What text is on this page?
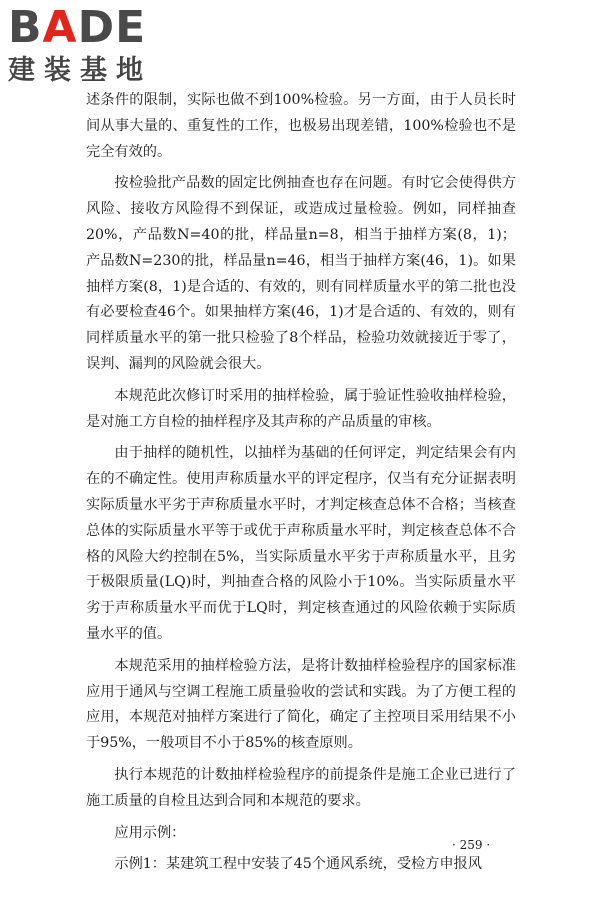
BADE
建装基地

述条件的限制，实际也做不到100%检验。另一方面，由于人员长时间从事大量的、重复性的工作，也极易出现差错，100%检验也不是完全有效的。

按检验批产品数的固定比例抽查也存在问题。有时它会使得供方风险、接收方风险得不到保证，或造成过量检验。例如，同样抽查20%，产品数N=40的批，样品量n=8，相当于抽样方案(8，1)；产品数N=230的批，样品量n=46，相当于抽样方案(46，1)。如果抽样方案(8，1)是合适的、有效的，则有同样质量水平的第二批也没有必要检查46个。如果抽样方案(46，1)才是合适的、有效的，则有同样质量水平的第一批只检验了8个样品，检验功效就接近于零了，误判、漏判的风险就会很大。

本规范此次修订时采用的抽样检验，属于验证性验收抽样检验，是对施工方自检的抽样程序及其声称的产品质量的审核。

由于抽样的随机性，以抽样为基础的任何评定，判定结果会有内在的不确定性。使用声称质量水平的评定程序，仅当有充分证据表明实际质量水平劣于声称质量水平时，才判定核查总体不合格；当核查总体的实际质量水平等于或优于声称质量水平时，判定核查总体不合格的风险大约控制在5%，当实际质量水平劣于声称质量水平，且劣于极限质量(LQ)时，判抽查合格的风险小于10%。当实际质量水平劣于声称质量水平而优于LQ时，判定核查通过的风险依赖于实际质量水平的值。

本规范采用的抽样检验方法，是将计数抽样检验程序的国家标准应用于通风与空调工程施工质量验收的尝试和实践。为了方便工程的应用，本规范对抽样方案进行了简化，确定了主控项目采用结果不小于95%，一般项目不小于85%的核查原则。

执行本规范的计数抽样检验程序的前提条件是施工企业已进行了施工质量的自检且达到合同和本规范的要求。

应用示例：

示例1：某建筑工程中安装了45个通风系统，受检方申报风

· 259 ·
